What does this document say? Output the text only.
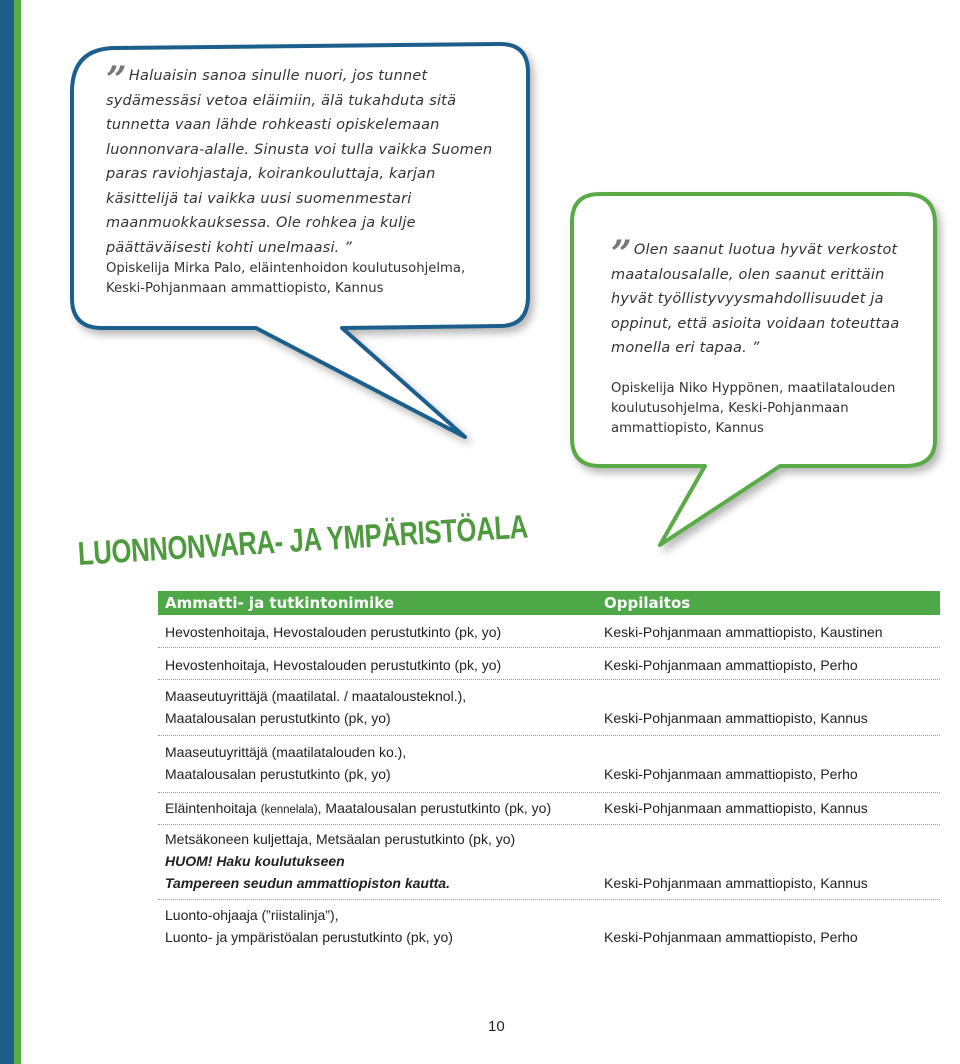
” Haluaisin sanoa sinulle nuori, jos tunnet sydämessäsi vetoa eläimiin, älä tukahduta sitä tunnetta vaan lähde rohkeasti opiskelemaan luonnonvara-alalle. Sinusta voi tulla vaikka Suomen paras raviohjastaja, koirankouluttaja, karjan käsittelijä tai vaikka uusi suomenmestari maanmuokkauksessa. Ole rohkea ja kulje päättäväisesti kohti unelmaasi. ”

Opiskelija Mirka Palo, eläintenhoidon koulutusohjelma, Keski-Pohjanmaan ammattiopisto, Kannus

” Olen saanut luotua hyvät verkostot maatalousalalle, olen saanut erittäin hyvät työllistyvyysmahdollisuudet ja oppinut, että asioita voidaan toteuttaa monella eri tapaa. ”

Opiskelija Niko Hyppönen, maatilatalouden koulutusohjelma, Keski-Pohjanmaan ammattiopisto, Kannus

LUONNONVARA- JA YMPÄRISTÖALA
Ammatti- ja tutkintonimike	Oppilaitos
Hevostenhoitaja, Hevostalouden perustutkinto (pk, yo)	Keski-Pohjanmaan ammattiopisto, Kaustinen
Hevostenhoitaja, Hevostalouden perustutkinto (pk, yo)	Keski-Pohjanmaan ammattiopisto, Perho
Maaseutuyrittäjä (maatilatal. / maatalousteknol.),
Maatalousalan perustutkinto (pk, yo)	Keski-Pohjanmaan ammattiopisto, Kannus
Maaseutuyrittäjä (maatilatalouden ko.),
Maatalousalan perustutkinto (pk, yo)	Keski-Pohjanmaan ammattiopisto, Perho
Eläintenhoitaja (kennelala), Maatalousalan perustutkinto (pk, yo)	Keski-Pohjanmaan ammattiopisto, Kannus
Metsäkoneen kuljettaja, Metsäalan perustutkinto (pk, yo)
HUOM! Haku koulutukseen
Tampereen seudun ammattiopiston kautta.	Keski-Pohjanmaan ammattiopisto, Kannus
Luonto-ohjaaja (”riistalinja”),
Luonto- ja ympäristöalan perustutkinto (pk, yo)	Keski-Pohjanmaan ammattiopisto, Perho

10
